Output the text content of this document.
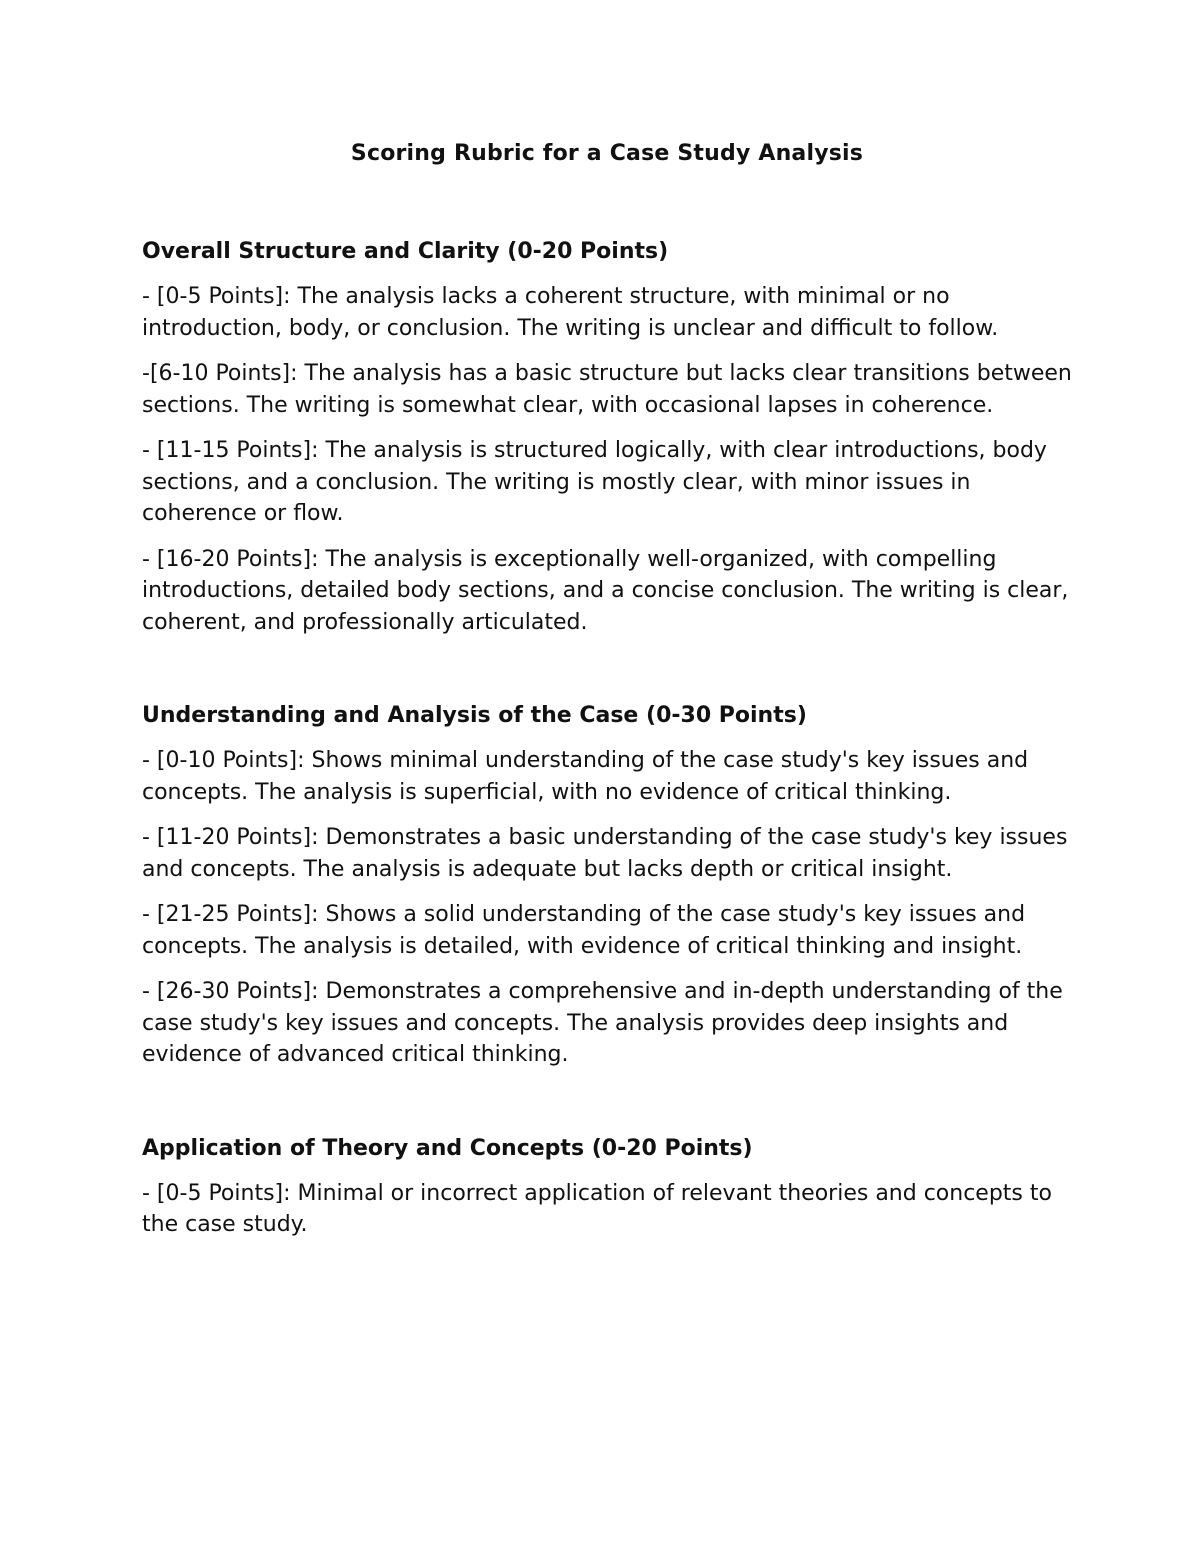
Scoring Rubric for a Case Study Analysis
Overall Structure and Clarity (0-20 Points)
- [0-5 Points]: The analysis lacks a coherent structure, with minimal or no introduction, body, or conclusion. The writing is unclear and difficult to follow.
-[6-10 Points]: The analysis has a basic structure but lacks clear transitions between sections. The writing is somewhat clear, with occasional lapses in coherence.
- [11-15 Points]: The analysis is structured logically, with clear introductions, body sections, and a conclusion. The writing is mostly clear, with minor issues in coherence or flow.
- [16-20 Points]: The analysis is exceptionally well-organized, with compelling introductions, detailed body sections, and a concise conclusion. The writing is clear, coherent, and professionally articulated.
Understanding and Analysis of the Case (0-30 Points)
- [0-10 Points]: Shows minimal understanding of the case study's key issues and concepts. The analysis is superficial, with no evidence of critical thinking.
- [11-20 Points]: Demonstrates a basic understanding of the case study's key issues and concepts. The analysis is adequate but lacks depth or critical insight.
- [21-25 Points]: Shows a solid understanding of the case study's key issues and concepts. The analysis is detailed, with evidence of critical thinking and insight.
- [26-30 Points]: Demonstrates a comprehensive and in-depth understanding of the case study's key issues and concepts. The analysis provides deep insights and evidence of advanced critical thinking.
Application of Theory and Concepts (0-20 Points)
- [0-5 Points]: Minimal or incorrect application of relevant theories and concepts to the case study.
